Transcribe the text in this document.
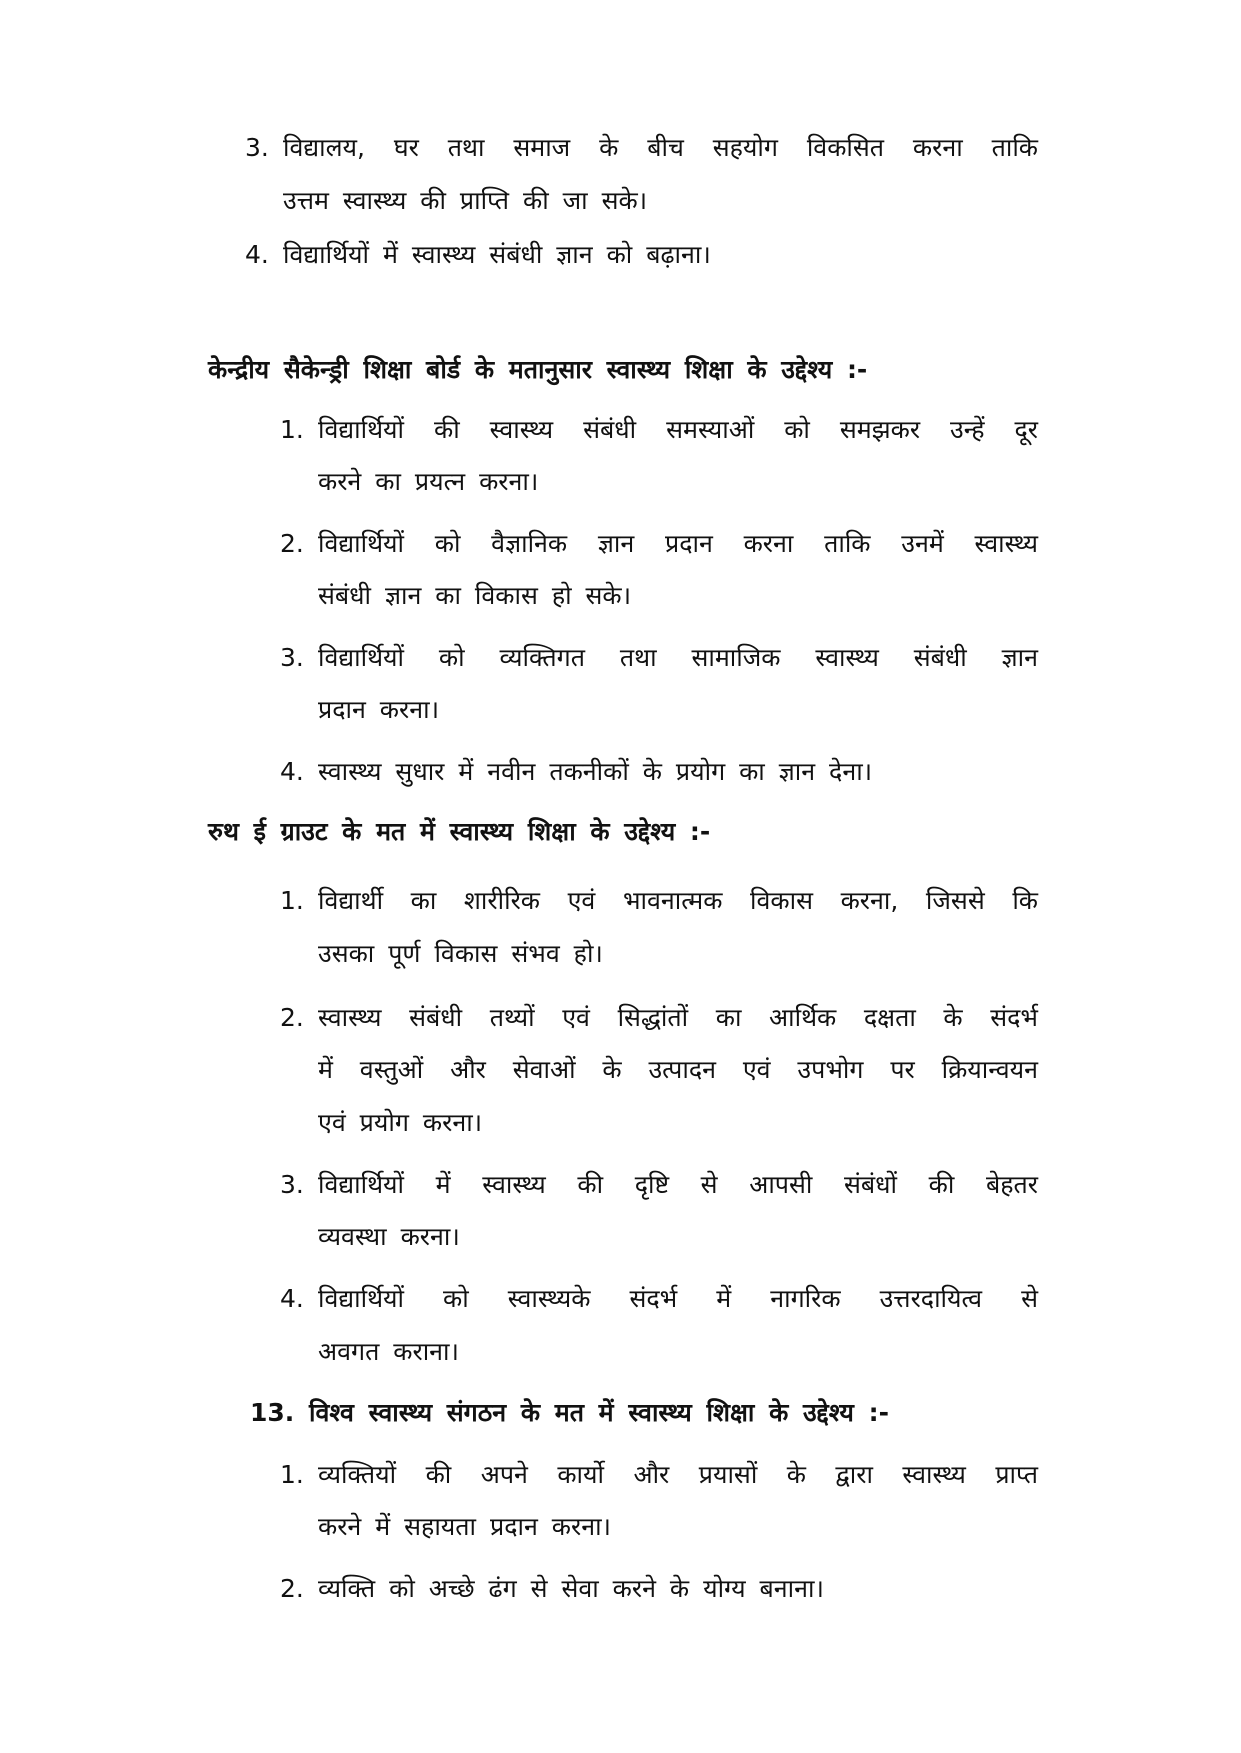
3. विद्यालय, घर तथा समाज के बीच सहयोग विकसित करना ताकि
उत्तम स्वास्थ्य की प्राप्ति की जा सके।
4. विद्यार्थियों में स्वास्थ्य संबंधी ज्ञान को बढ़ाना।
केन्द्रीय सैकेन्ड्री शिक्षा बोर्ड के मतानुसार स्वास्थ्य शिक्षा के उद्देश्य :-
1. विद्यार्थियों की स्वास्थ्य संबंधी समस्याओं को समझकर उन्हें दूर
करने का प्रयत्न करना।
2. विद्यार्थियों को वैज्ञानिक ज्ञान प्रदान करना ताकि उनमें स्वास्थ्य
संबंधी ज्ञान का विकास हो सके।
3. विद्यार्थियों को व्यक्तिगत तथा सामाजिक स्वास्थ्य संबंधी ज्ञान
प्रदान करना।
4. स्वास्थ्य सुधार में नवीन तकनीकों के प्रयोग का ज्ञान देना।
रुथ ई ग्राउट के मत में स्वास्थ्य शिक्षा के उद्देश्य :-
1. विद्यार्थी का शारीरिक एवं भावनात्मक विकास करना, जिससे कि
उसका पूर्ण विकास संभव हो।
2. स्वास्थ्य संबंधी तथ्यों एवं सिद्धांतों का आर्थिक दक्षता के संदर्भ
में वस्तुओं और सेवाओं के उत्पादन एवं उपभोग पर क्रियान्वयन
एवं प्रयोग करना।
3. विद्यार्थियों में स्वास्थ्य की दृष्टि से आपसी संबंधों की बेहतर
व्यवस्था करना।
4. विद्यार्थियों को स्वास्थ्यके संदर्भ में नागरिक उत्तरदायित्व से
अवगत कराना।
13. विश्व स्वास्थ्य संगठन के मत में स्वास्थ्य शिक्षा के उद्देश्य :-
1. व्यक्तियों की अपने कार्यो और प्रयासों के द्वारा स्वास्थ्य प्राप्त
करने में सहायता प्रदान करना।
2. व्यक्ति को अच्छे ढंग से सेवा करने के योग्य बनाना।
